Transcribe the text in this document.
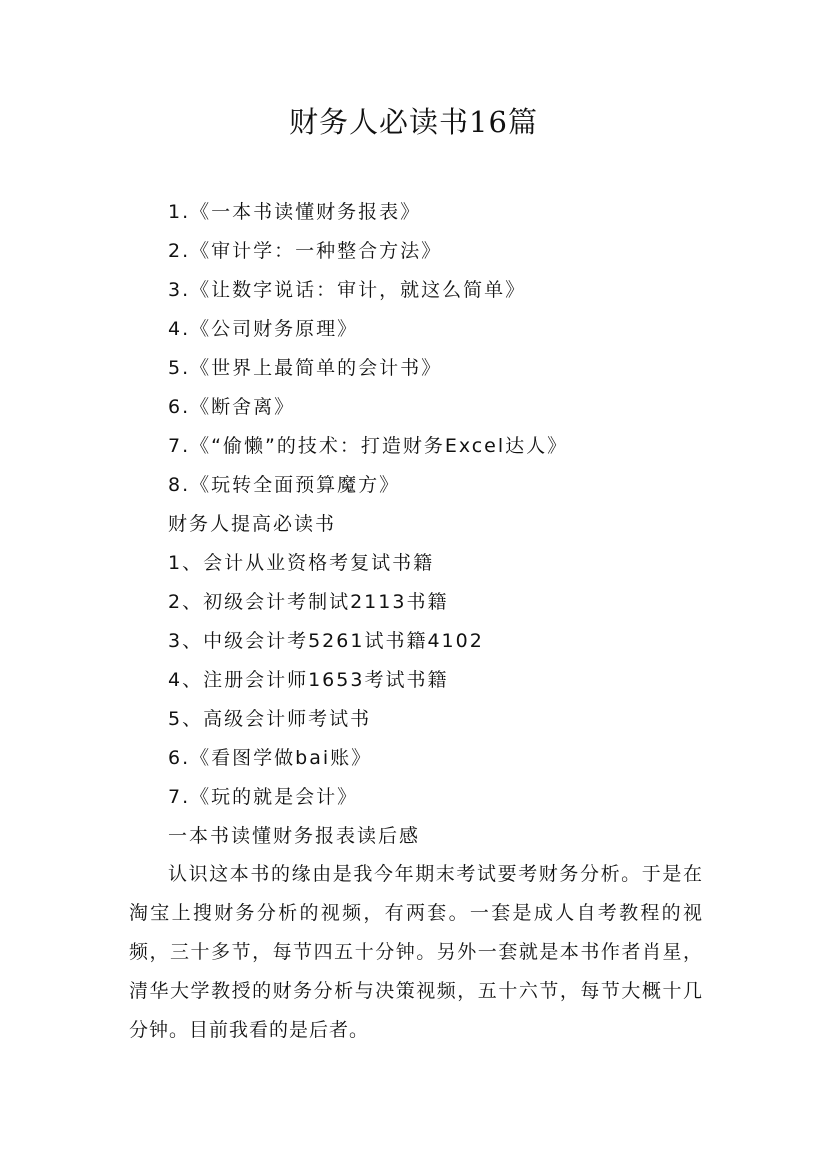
财务人必读书16篇
1.《一本书读懂财务报表》
2.《审计学：一种整合方法》
3.《让数字说话：审计，就这么简单》
4.《公司财务原理》
5.《世界上最简单的会计书》
6.《断舍离》
7.《“偷懒”的技术：打造财务Excel达人》
8.《玩转全面预算魔方》
财务人提高必读书
1、会计从业资格考复试书籍
2、初级会计考制试2113书籍
3、中级会计考5261试书籍4102
4、注册会计师1653考试书籍
5、高级会计师考试书
6.《看图学做bai账》
7.《玩的就是会计》
一本书读懂财务报表读后感
认识这本书的缘由是我今年期末考试要考财务分析。于是在淘宝上搜财务分析的视频，有两套。一套是成人自考教程的视频，三十多节，每节四五十分钟。另外一套就是本书作者肖星，清华大学教授的财务分析与决策视频，五十六节，每节大概十几分钟。目前我看的是后者。
